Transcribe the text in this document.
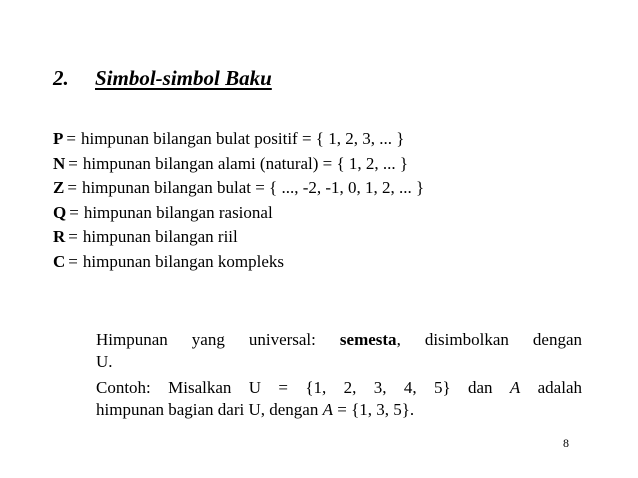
2. Simbol-simbol Baku
P = himpunan bilangan bulat positif = { 1, 2, 3, ... }
N = himpunan bilangan alami (natural) = { 1, 2, ... }
Z = himpunan bilangan bulat = { ..., -2, -1, 0, 1, 2, ... }
Q = himpunan bilangan rasional
R = himpunan bilangan riil
C = himpunan bilangan kompleks
Himpunan yang universal: semesta, disimbolkan dengan
U.
Contoh: Misalkan U = {1, 2, 3, 4, 5} dan A adalah
himpunan bagian dari U, dengan A = {1, 3, 5}.
8
